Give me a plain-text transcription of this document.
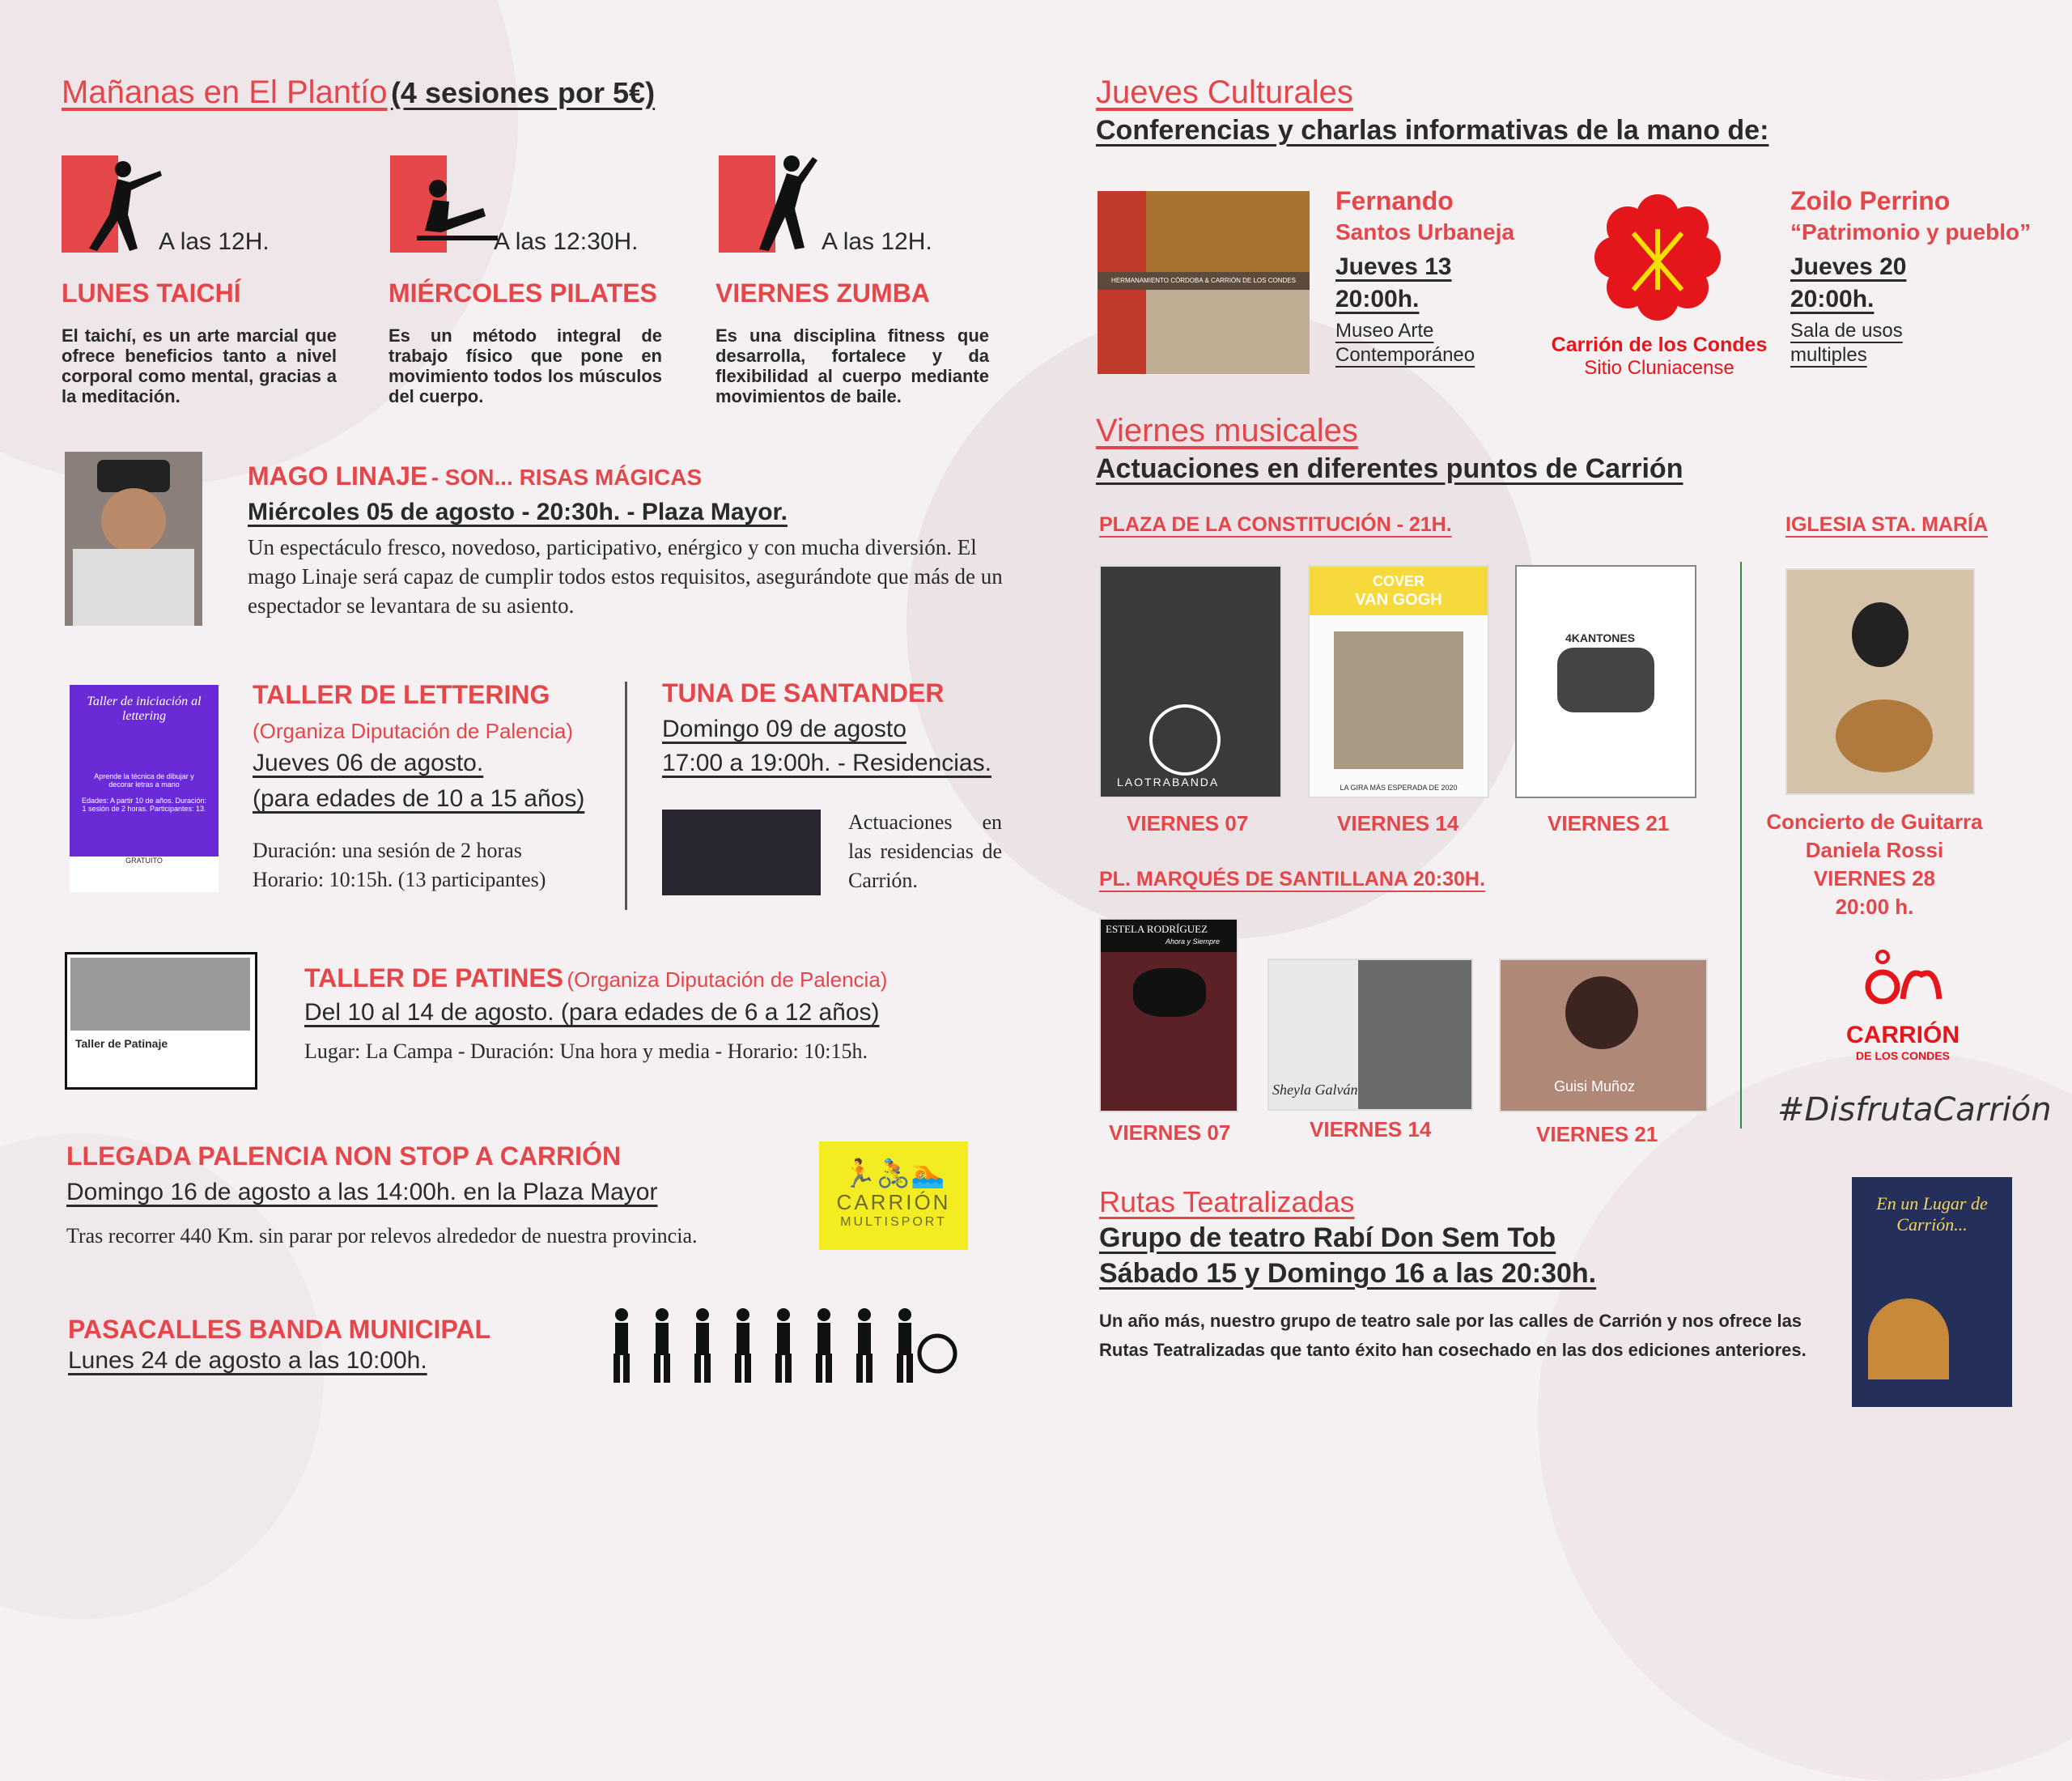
Mañanas en El Plantío (4 sesiones por 5€)
A las 12H.
LUNES TAICHÍ
El taichí, es un arte marcial que ofrece beneficios tanto a nivel corporal como mental, gracias a la meditación.
A las 12:30H.
MIÉRCOLES PILATES
Es un método integral de trabajo físico que pone en movimiento todos los músculos del cuerpo.
A las 12H.
VIERNES ZUMBA
Es una disciplina fitness que desarrolla, fortalece y da flexibilidad al cuerpo mediante movimientos de baile.
MAGO LINAJE - SON... RISAS MÁGICAS
Miércoles 05 de agosto - 20:30h. - Plaza Mayor.
Un espectáculo fresco, novedoso, participativo, enérgico y con mucha diversión. El mago Linaje será capaz de cumplir todos estos requisitos, asegurándote que más de un espectador se levantara de su asiento.
Taller de iniciación al lettering
Aprende la técnica de dibujar y decorar letras a mano
Edades: A partir 10 de años. Duración: 1 sesión de 2 horas. Participantes: 13.
GRATUITO
TALLER DE LETTERING
(Organiza Diputación de Palencia)
Jueves 06 de agosto.
(para edades de 10 a 15 años)
Duración: una sesión de 2 horas
Horario: 10:15h. (13 participantes)
TUNA DE SANTANDER
Domingo 09 de agosto
17:00 a 19:00h. - Residencias.
Actuaciones en las residencias de Carrión.
Taller de Patinaje
TALLER DE PATINES (Organiza Diputación de Palencia)
Del 10 al 14 de agosto. (para edades de 6 a 12 años)
Lugar: La Campa - Duración: Una hora y media - Horario: 10:15h.
LLEGADA PALENCIA NON STOP A CARRIÓN
Domingo 16 de agosto a las 14:00h. en la Plaza Mayor
Tras recorrer 440 Km. sin parar por relevos alrededor de nuestra provincia.
🏃🚴🏊
CARRIÓN
MULTISPORT
PASACALLES BANDA MUNICIPAL
Lunes 24 de agosto a las 10:00h.
Jueves Culturales
Conferencias y charlas informativas de la mano de:
HERMANAMIENTO CÓRDOBA & CARRIÓN DE LOS CONDES
Fernando
Santos Urbaneja
Jueves 13
20:00h.
Museo Arte
Contemporáneo	Carrión de los Condes
Sitio Cluniacense
Zoilo Perrino
“Patrimonio y pueblo”
Jueves 20
20:00h.
Sala de usos
multiples
Viernes musicales
Actuaciones en diferentes puntos de Carrión
PLAZA DE LA CONSTITUCIÓN - 21H.	IGLESIA STA. MARÍA
LAOTRABANDA
COVER
VAN GOGH
LA GIRA MÁS ESPERADA DE 2020
4KANTONES
VIERNES 07	VIERNES 14	VIERNES 21	Concierto de Guitarra
Daniela Rossi
VIERNES 28
20:00 h.
CARRIÓN
DE LOS CONDES
#DisfrutaCarrión
PL. MARQUÉS DE SANTILLANA 20:30H.
ESTELA RODRÍGUEZ
Ahora y Siempre
Sheyla Galván	Guisi Muñoz
VIERNES 07	VIERNES 14	VIERNES 21
Rutas Teatralizadas
Grupo de teatro Rabí Don Sem Tob
Sábado 15 y Domingo 16 a las 20:30h.
Un año más, nuestro grupo de teatro sale por las calles de Carrión y nos ofrece las Rutas Teatralizadas que tanto éxito han cosechado en las dos ediciones anteriores.
En un Lugar de Carrión...
